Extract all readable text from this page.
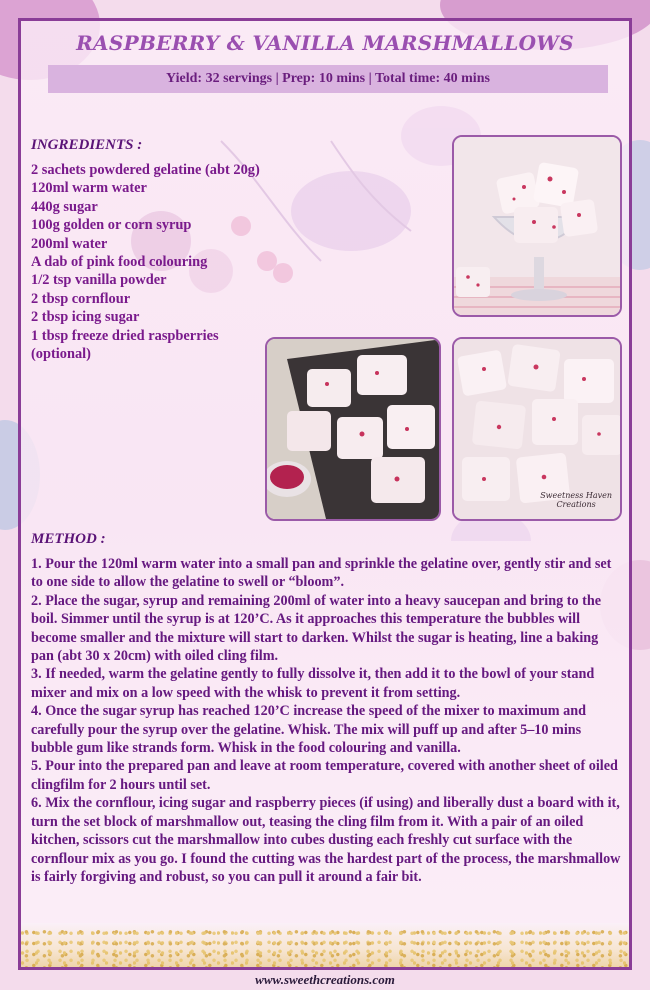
RASPBERRY & VANILLA MARSHMALLOWS
Yield: 32 servings | Prep: 10 mins | Total time: 40 mins
INGREDIENTS :
2 sachets powdered gelatine (abt 20g)
120ml warm water
440g sugar
100g golden or corn syrup
200ml water
A dab of pink food colouring
1/2 tsp vanilla powder
2 tbsp cornflour
2 tbsp icing sugar
1 tbsp freeze dried raspberries (optional)
Sweetness Haven
Creations
METHOD :
1. Pour the 120ml warm water into a small pan and sprinkle the gelatine over, gently stir and set to one side to allow the gelatine to swell or “bloom”.
2. Place the sugar, syrup and remaining 200ml of water into a heavy saucepan and bring to the boil. Simmer until the syrup is at 120’C. As it approaches this temperature the bubbles will become smaller and the mixture will start to darken. Whilst the sugar is heating, line a baking pan (abt 30 x 20cm) with oiled cling film.
3. If needed, warm the gelatine gently to fully dissolve it, then add it to the bowl of your stand mixer and mix on a low speed with the whisk to prevent it from setting.
4. Once the sugar syrup has reached 120’C increase the speed of the mixer to maximum and carefully pour the syrup over the gelatine. Whisk. The mix will puff up and after 5–10 mins bubble gum like strands form. Whisk in the food colouring and vanilla.
5. Pour into the prepared pan and leave at room temperature, covered with another sheet of oiled clingfilm for 2 hours until set.
6. Mix the cornflour, icing sugar and raspberry pieces (if using) and liberally dust a board with it, turn the set block of marshmallow out, teasing the cling film from it. With a pair of an oiled kitchen, scissors cut the marshmallow into cubes dusting each freshly cut surface with the cornflour mix as you go. I found the cutting was the hardest part of the process, the marshmallow is fairly forgiving and robust, so you can pull it around a fair bit.
www.sweethcreations.com
